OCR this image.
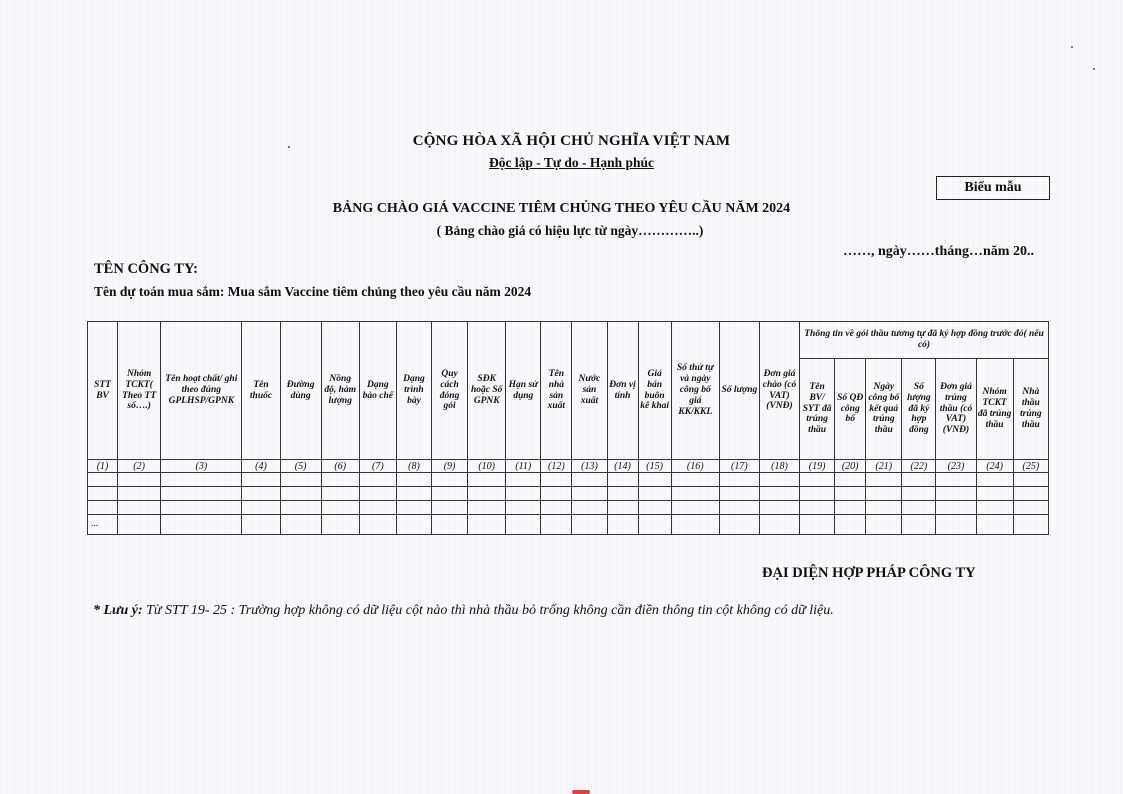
CỘNG HÒA XÃ HỘI CHỦ NGHĨA VIỆT NAM
Độc lập - Tự do - Hạnh phúc
Biểu mẫu
BẢNG CHÀO GIÁ VACCINE TIÊM CHỦNG THEO YÊU CẦU NĂM 2024
( Bảng chào giá có hiệu lực từ ngày…………..)
……, ngày……tháng…năm 20..
TÊN CÔNG TY:
Tên dự toán mua sắm: Mua sắm Vaccine tiêm chủng theo yêu cầu năm 2024
STT BV	Nhóm TCKT( Theo TT số….)	Tên hoạt chất/ ghi theo đúng GPLHSP/GPNK	Tên thuốc	Đường dùng	Nồng độ, hàm lượng	Dạng bào chế	Dạng trình bày	Quy cách đóng gói	SĐK hoặc Số GPNK	Hạn sử dụng	Tên nhà sản xuất	Nước sản xuất	Đơn vị tính	Giá bán buôn kê khai	Số thứ tự và ngày công bố giá KK/KKL	Số lượng	Đơn giá chào (có VAT) (VNĐ)	Thông tin về gói thầu tương tự đã ký hợp đồng trước đó( nếu có)						
																		Tên BV/ SYT đã trúng thầu	Số QĐ công bố	Ngày công bố kết quả trúng thầu	Số lượng đã ký hợp đồng	Đơn giá trúng thầu (có VAT) (VNĐ)	Nhóm TCKT đã trúng thầu	Nhà thầu trúng thầu
(1)	(2)	(3)	(4)	(5)	(6)	(7)	(8)	(9)	(10)	(11)	(12)	(13)	(14)	(15)	(16)	(17)	(18)	(19)	(20)	(21)	(22)	(23)	(24)	(25)

...																								
ĐẠI DIỆN HỢP PHÁP CÔNG TY
* Lưu ý: Từ STT 19- 25 : Trường hợp không có dữ liệu cột nào thì nhà thầu bỏ trống không cần điền thông tin cột không có dữ liệu.
